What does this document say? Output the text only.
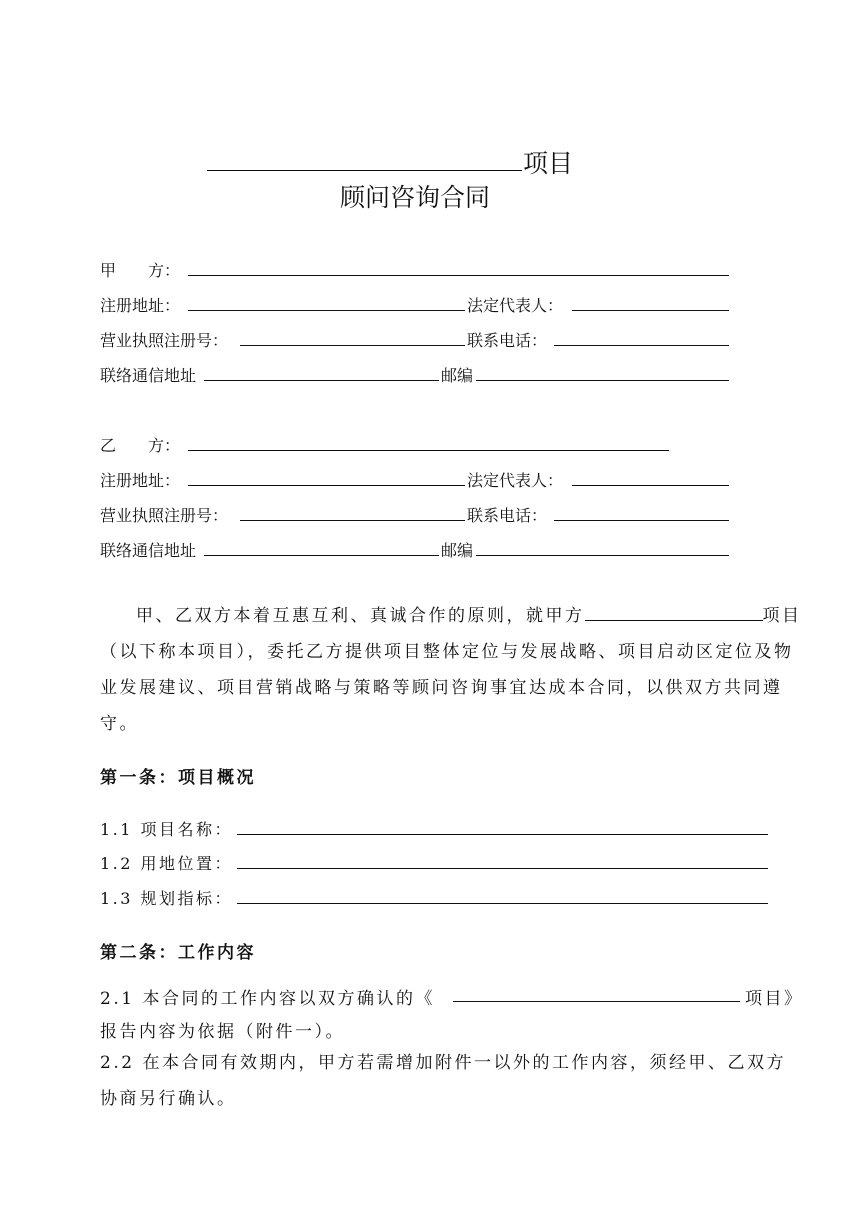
项目
顾问咨询合同
甲　　方：
注册地址：	法定代表人：
营业执照注册号：	联系电话：
联络通信地址	邮编
乙　　方：
注册地址：	法定代表人：
营业执照注册号：	联系电话：
联络通信地址	邮编
甲、乙双方本着互惠互利、真诚合作的原则，就甲方	项目（以下称本项目），委托乙方提供项目整体定位与发展战略、项目启动区定位及物业发展建议、项目营销战略与策略等顾问咨询事宜达成本合同，以供双方共同遵守。
第一条：项目概况
1.1 项目名称：
1.2 用地位置：
1.3 规划指标：
第二条：工作内容
2.1 本合同的工作内容以双方确认的《	项目》
报告内容为依据（附件一）。
2.2 在本合同有效期内，甲方若需增加附件一以外的工作内容，须经甲、乙双方协商另行确认。
